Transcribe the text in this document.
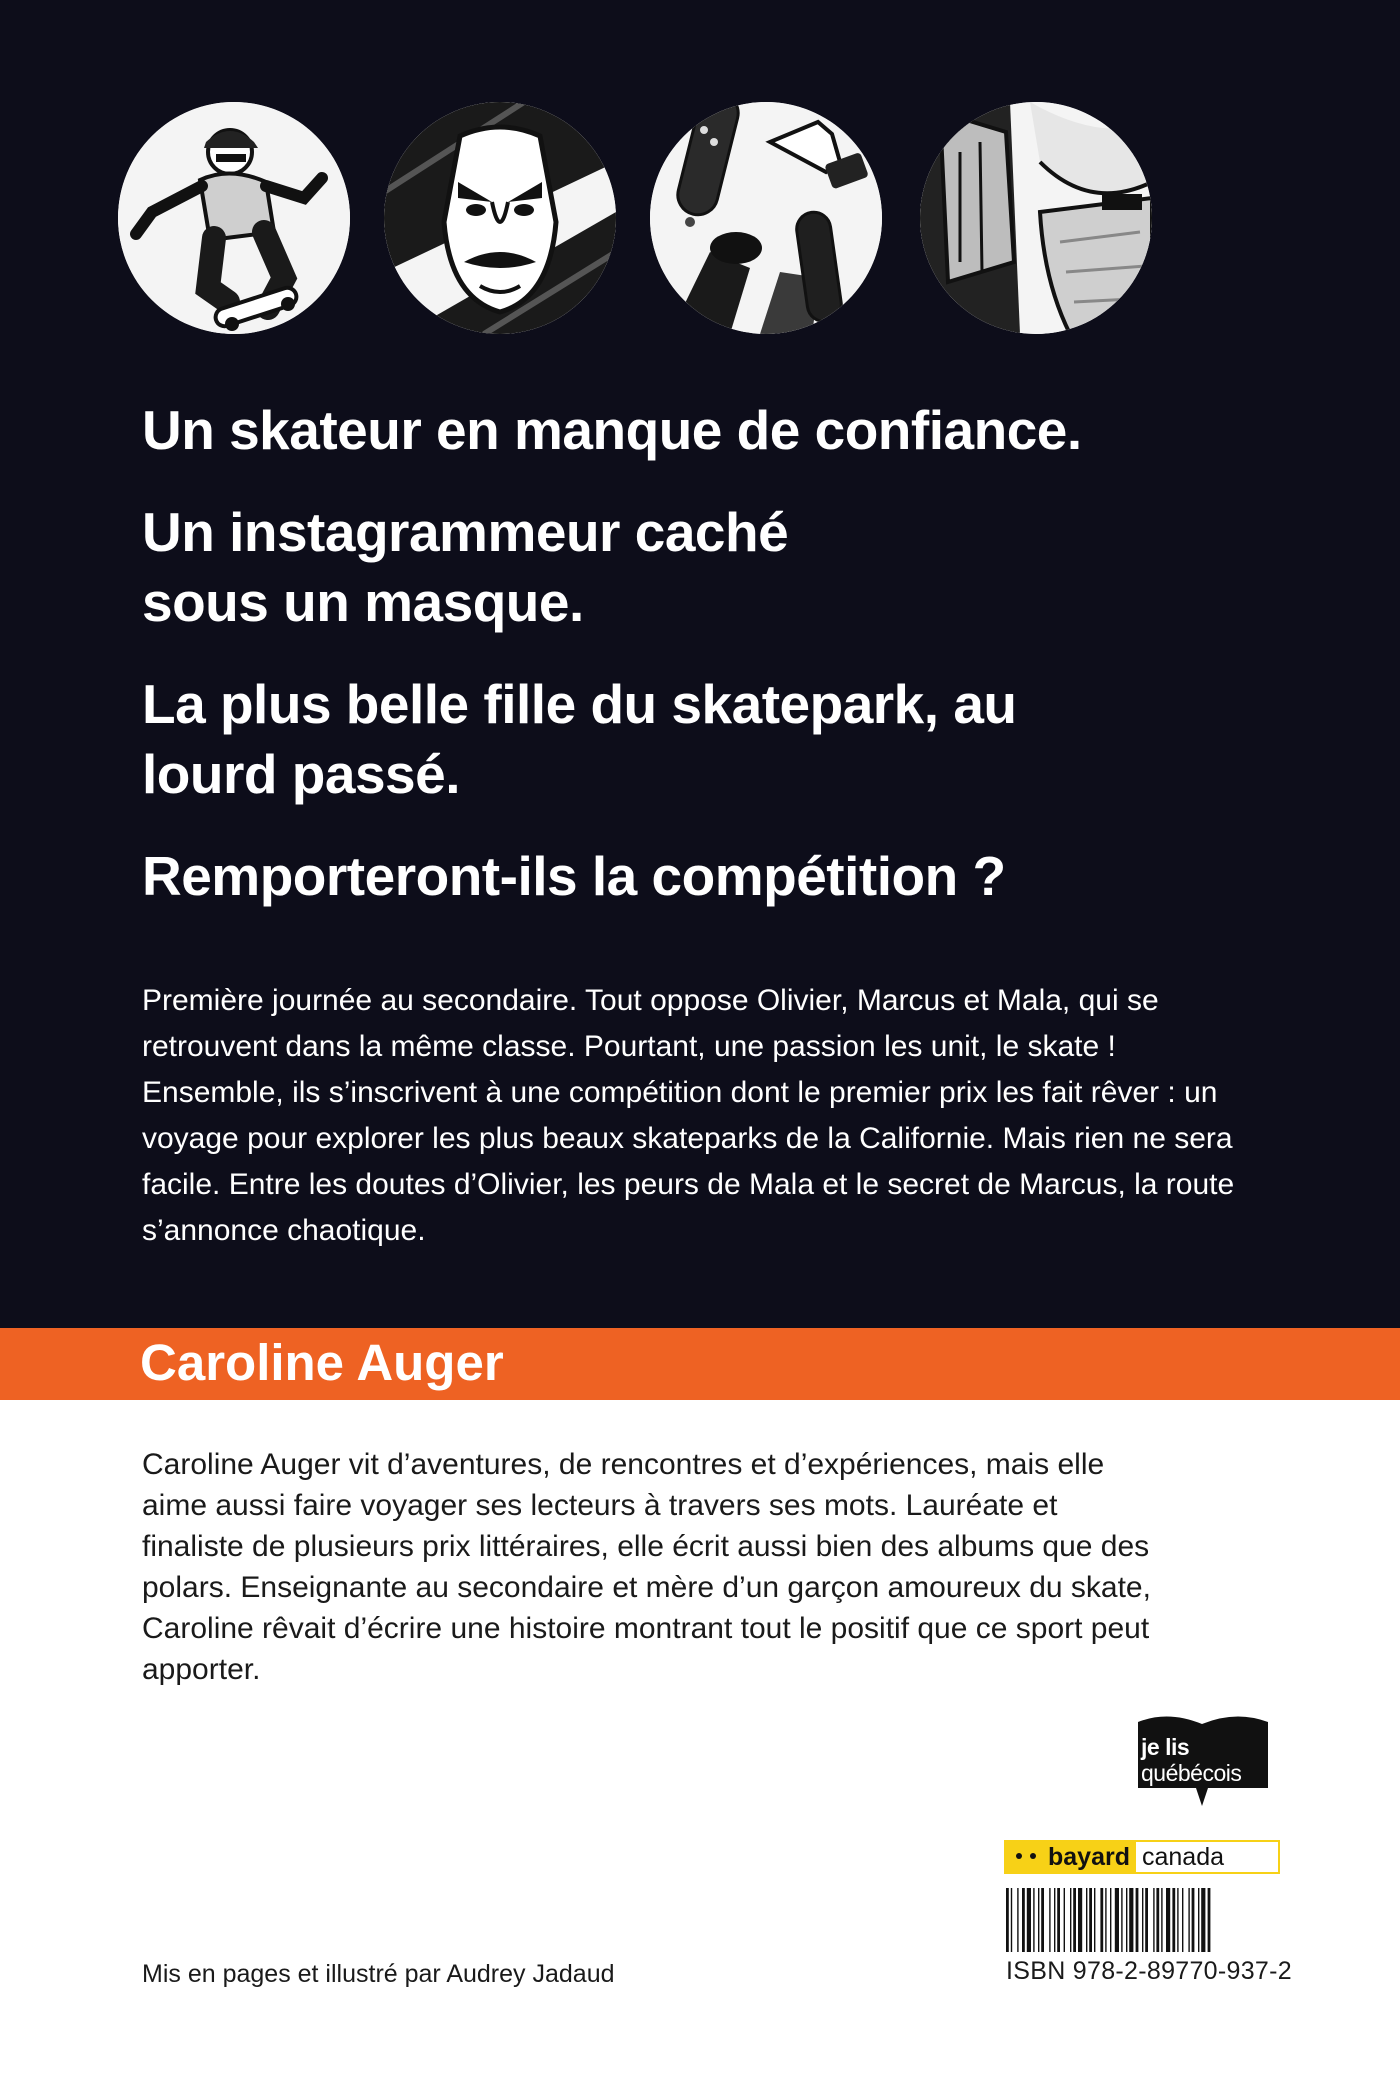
Un skateur en manque de confiance.

Un instagrammeur caché sous un masque.

La plus belle fille du skatepark, au lourd passé.

Remporteront-ils la compétition ?

Première journée au secondaire. Tout oppose Olivier, Marcus et Mala, qui se retrouvent dans la même classe. Pourtant, une passion les unit, le skate ! Ensemble, ils s’inscrivent à une compétition dont le premier prix les fait rêver : un voyage pour explorer les plus beaux skateparks de la Californie. Mais rien ne sera facile. Entre les doutes d’Olivier, les peurs de Mala et le secret de Marcus, la route s’annonce chaotique.

Caroline Auger

Caroline Auger vit d’aventures, de rencontres et d’expériences, mais elle aime aussi faire voyager ses lecteurs à travers ses mots. Lauréate et finaliste de plusieurs prix littéraires, elle écrit aussi bien des albums que des polars. Enseignante au secondaire et mère d’un garçon amoureux du skate, Caroline rêvait d’écrire une histoire montrant tout le positif que ce sport peut apporter.

Mis en pages et illustré par Audrey Jadaud

je lis
québécois
bayard canada

ISBN 978-2-89770-937-2
